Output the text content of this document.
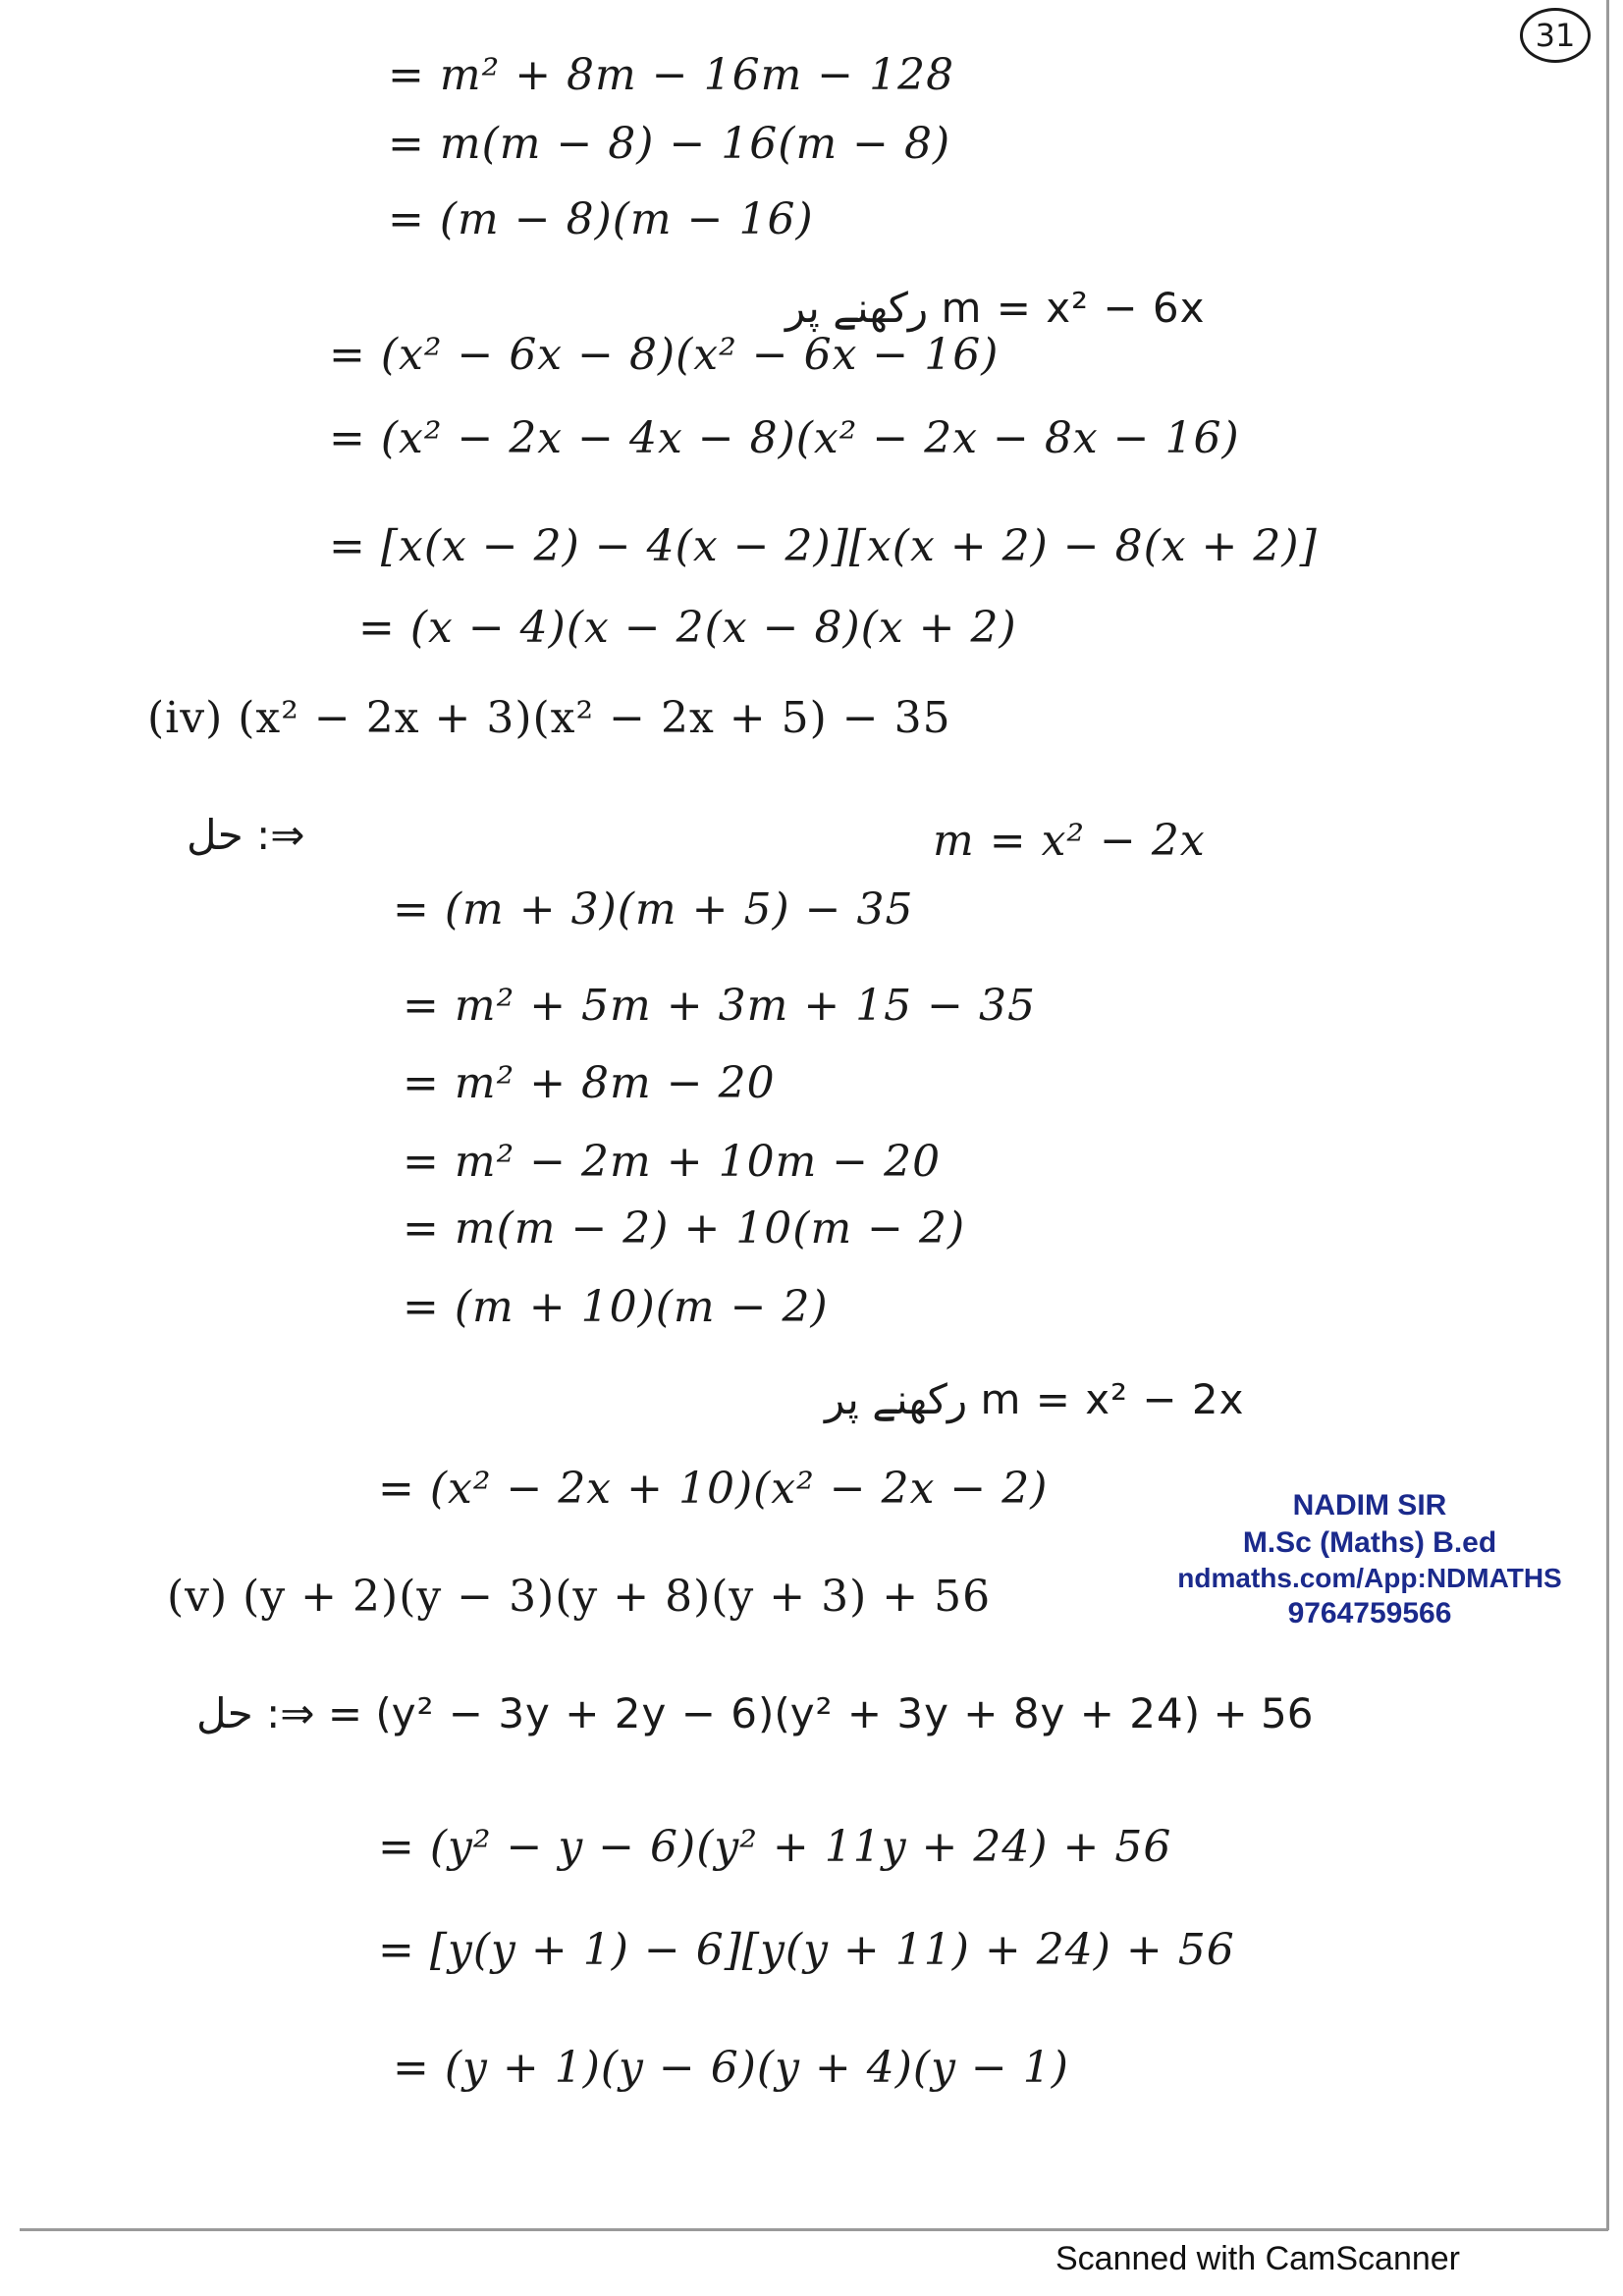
31
= m² + 8m − 16m − 128
= m(m − 8) − 16(m − 8)
= (m − 8)(m − 16)
رکھنے پر m = x² − 6x
= (x² − 6x − 8)(x² − 6x − 16)
= (x² − 2x − 4x − 8)(x² − 2x − 8x − 16)
= [x(x − 2) − 4(x − 2)][x(x + 2) − 8(x + 2)]
= (x − 4)(x − 2(x − 8)(x + 2)
(iv) (x² − 2x + 3)(x² − 2x + 5) − 35
حل :⇒	m = x² − 2x
= (m + 3)(m + 5) − 35
= m² + 5m + 3m + 15 − 35
= m² + 8m − 20
= m² − 2m + 10m − 20
= m(m − 2) + 10(m − 2)
= (m + 10)(m − 2)
رکھنے پر m = x² − 2x
= (x² − 2x + 10)(x² − 2x − 2)
(v) (y + 2)(y − 3)(y + 8)(y + 3) + 56
حل :⇒ = (y² − 3y + 2y − 6)(y² + 3y + 8y + 24) + 56
= (y² − y − 6)(y² + 11y + 24) + 56
= [y(y + 1) − 6][y(y + 11) + 24) + 56
= (y + 1)(y − 6)(y + 4)(y − 1)
NADIM SIR
M.Sc (Maths) B.ed
ndmaths.com/App:NDMATHS
9764759566
Scanned with CamScanner
